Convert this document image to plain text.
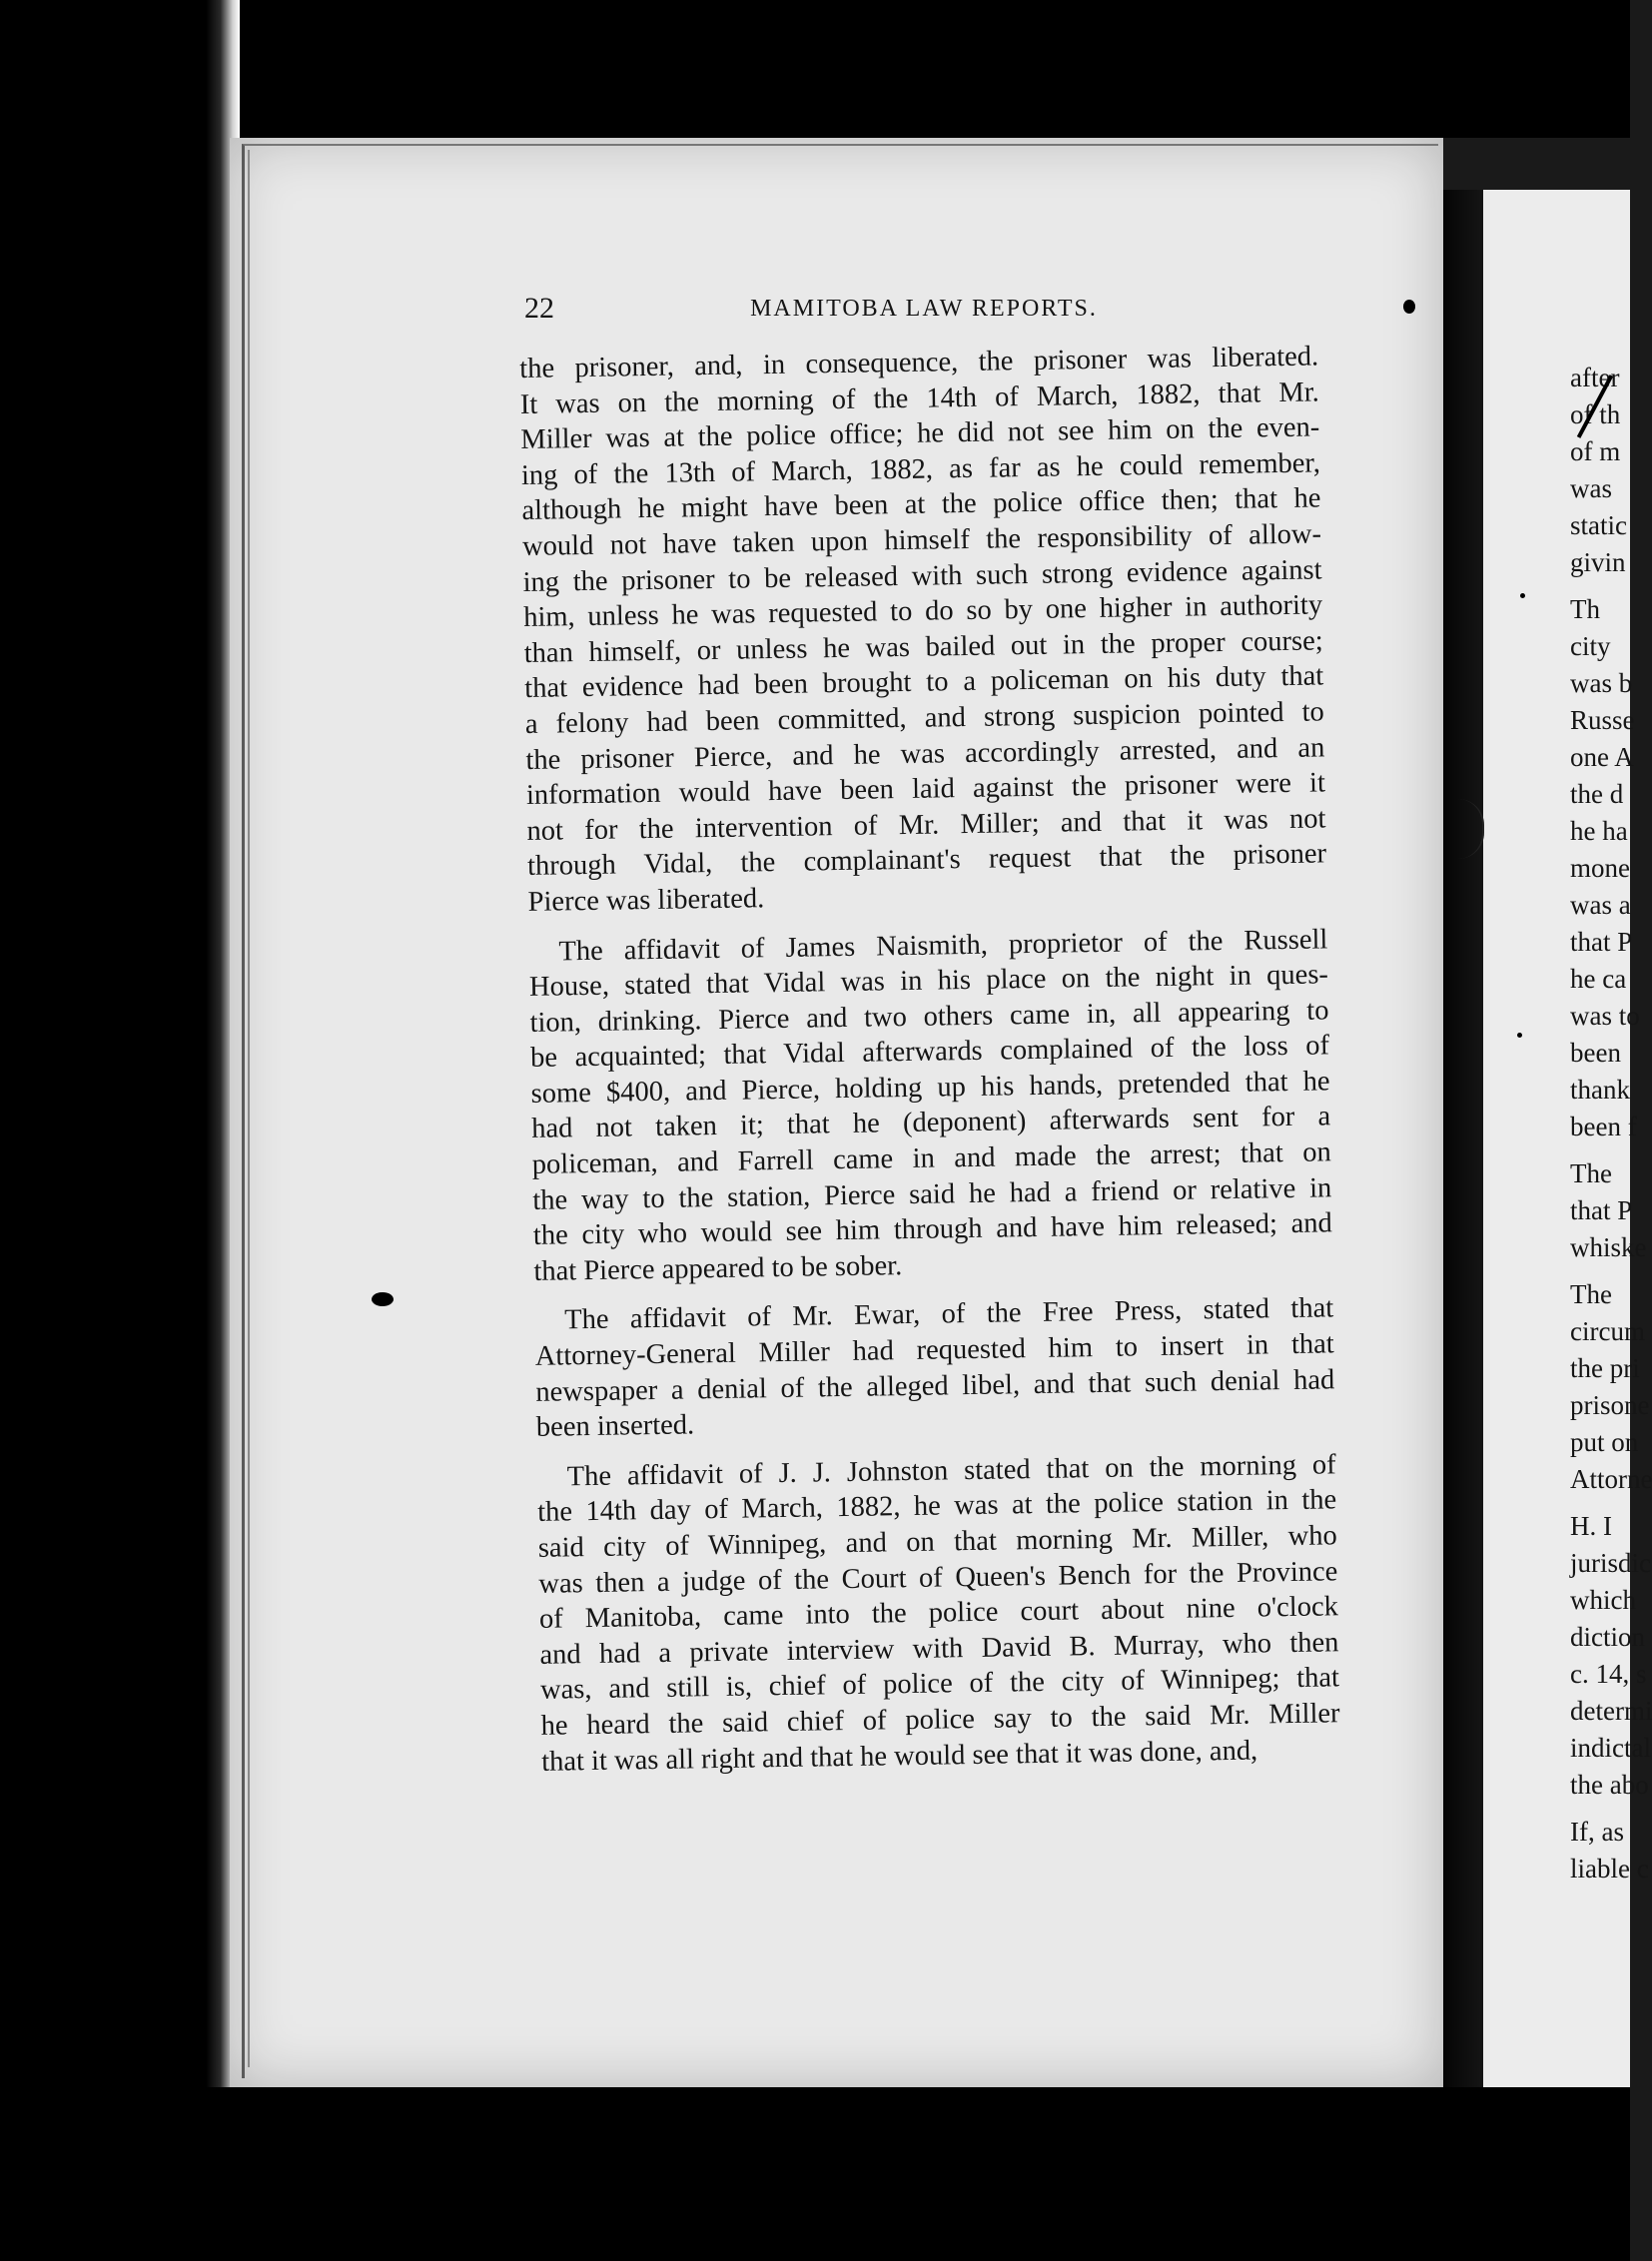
22	MAMITOBA LAW REPORTS.

the prisoner, and, in consequence, the prisoner was liberated.
It was on the morning of the 14th of March, 1882, that Mr.
Miller was at the police office; he did not see him on the even-
ing of the 13th of March, 1882, as far as he could remember,
although he might have been at the police office then; that he
would not have taken upon himself the responsibility of allow-
ing the prisoner to be released with such strong evidence against
him, unless he was requested to do so by one higher in authority
than himself, or unless he was bailed out in the proper course;
that evidence had been brought to a policeman on his duty that
a felony had been committed, and strong suspicion pointed to
the prisoner Pierce, and he was accordingly arrested, and an
information would have been laid against the prisoner were it
not for the intervention of Mr. Miller; and that it was not
through Vidal, the complainant's request that the prisoner
Pierce was liberated.

The affidavit of James Naismith, proprietor of the Russell
House, stated that Vidal was in his place on the night in ques-
tion, drinking. Pierce and two others came in, all appearing to
be acquainted; that Vidal afterwards complained of the loss of
some $400, and Pierce, holding up his hands, pretended that he
had not taken it; that he (deponent) afterwards sent for a
policeman, and Farrell came in and made the arrest; that on
the way to the station, Pierce said he had a friend or relative in
the city who would see him through and have him released; and
that Pierce appeared to be sober.

The affidavit of Mr. Ewar, of the Free Press, stated that
Attorney-General Miller had requested him to insert in that
newspaper a denial of the alleged libel, and that such denial had
been inserted.

The affidavit of J. J. Johnston stated that on the morning of
the 14th day of March, 1882, he was at the police station in the
said city of Winnipeg, and on that morning Mr. Miller, who
was then a judge of the Court of Queen's Bench for the Province
of Manitoba, came into the police court about nine o'clock
and had a private interview with David B. Murray, who then
was, and still is, chief of police of the city of Winnipeg; that
he heard the said chief of police say to the said Mr. Miller
that it was all right and that he would see that it was done, and,

after
of th
of m
was
static
givin

Th
city
was b
Russe
one A
the d
he ha
mone
was a
that P
he ca
was to
been
thank
been f

The
that P
whiske

The
circum
the pri
prisone
put on
Attorne

H. I
jurisdic
which
diction
c. 14, s
determi
indictal
the abo

If, as
liable c
